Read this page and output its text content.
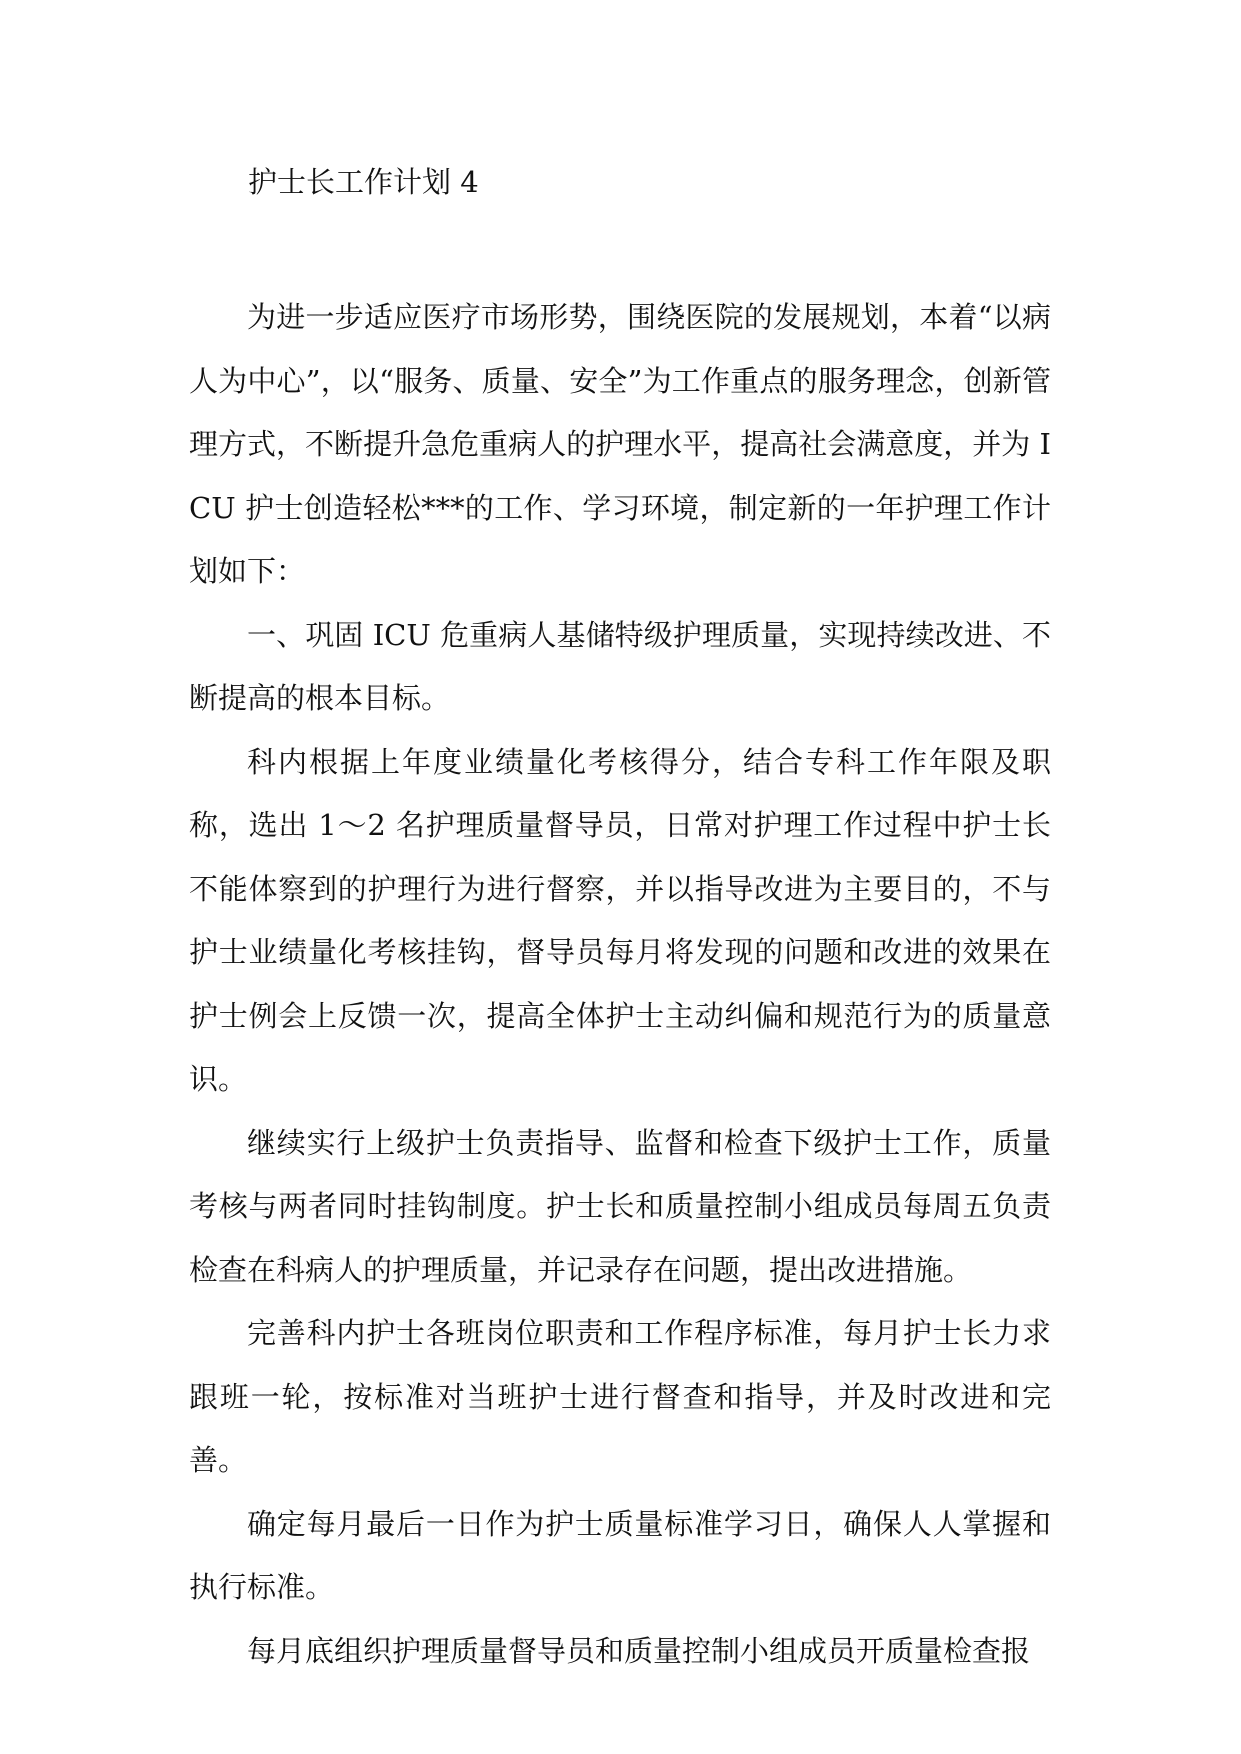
护士长工作计划 4

为进一步适应医疗市场形势，围绕医院的发展规划，本着“以病人为中心”，以“服务、质量、安全”为工作重点的服务理念，创新管理方式，不断提升急危重病人的护理水平，提高社会满意度，并为 ICU 护士创造轻松***的工作、学习环境，制定新的一年护理工作计划如下：

一、巩固 ICU 危重病人基储特级护理质量，实现持续改进、不断提高的根本目标。

科内根据上年度业绩量化考核得分，结合专科工作年限及职称，选出 1～2 名护理质量督导员，日常对护理工作过程中护士长不能体察到的护理行为进行督察，并以指导改进为主要目的，不与护士业绩量化考核挂钩，督导员每月将发现的问题和改进的效果在护士例会上反馈一次，提高全体护士主动纠偏和规范行为的质量意识。

继续实行上级护士负责指导、监督和检查下级护士工作，质量考核与两者同时挂钩制度。护士长和质量控制小组成员每周五负责检查在科病人的护理质量，并记录存在问题，提出改进措施。

完善科内护士各班岗位职责和工作程序标准，每月护士长力求跟班一轮，按标准对当班护士进行督查和指导，并及时改进和完善。

确定每月最后一日作为护士质量标准学习日，确保人人掌握和执行标准。

每月底组织护理质量督导员和质量控制小组成员开质量检查报
